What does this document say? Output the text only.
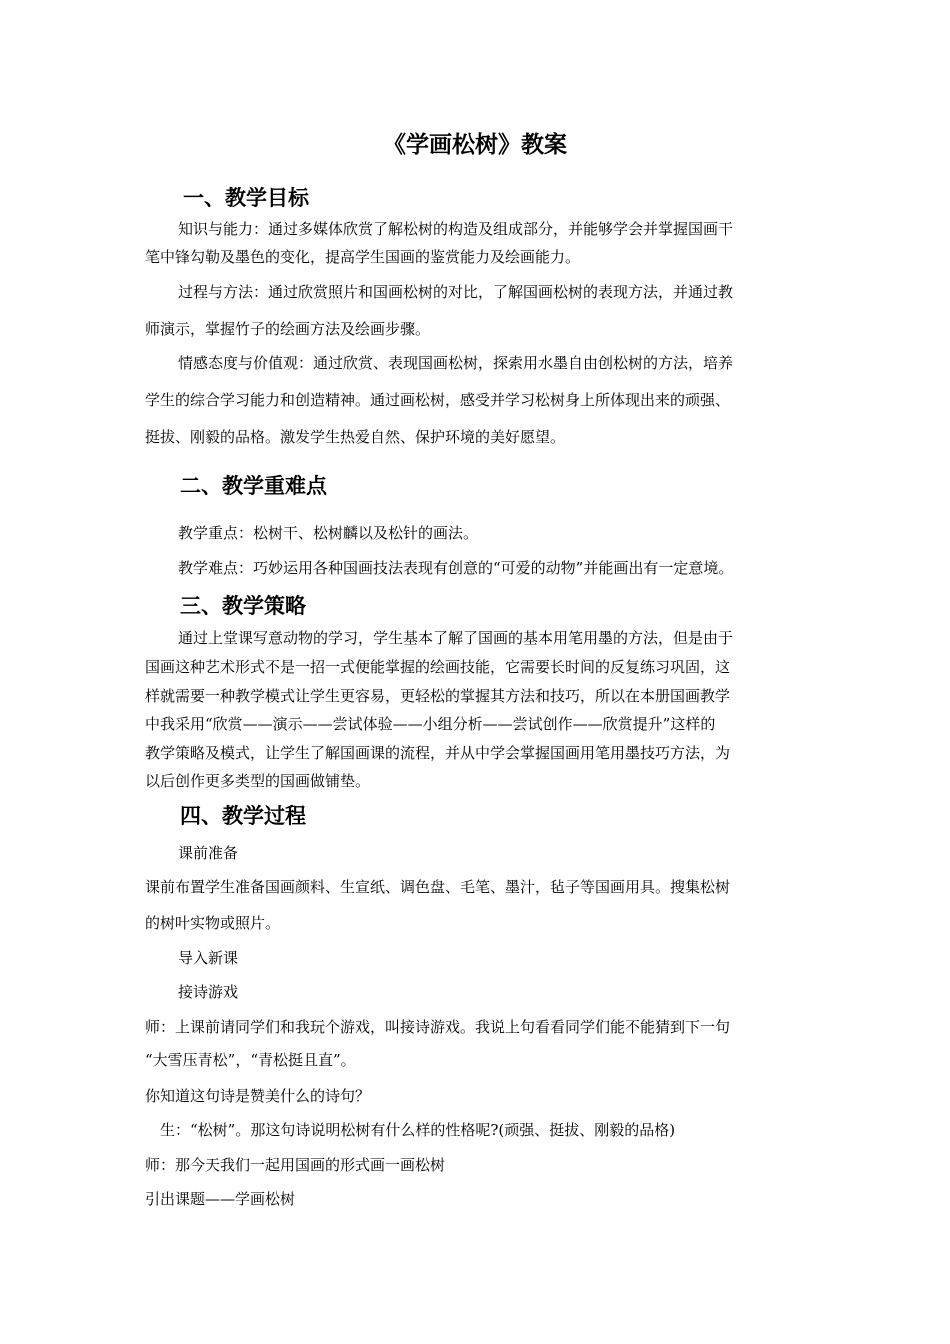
《学画松树》教案
一、教学目标
知识与能力：通过多媒体欣赏了解松树的构造及组成部分，并能够学会并掌握国画干
笔中锋勾勒及墨色的变化，提高学生国画的鉴赏能力及绘画能力。
过程与方法：通过欣赏照片和国画松树的对比，了解国画松树的表现方法，并通过教
师演示，掌握竹子的绘画方法及绘画步骤。
情感态度与价值观：通过欣赏、表现国画松树，探索用水墨自由创松树的方法，培养
学生的综合学习能力和创造精神。通过画松树，感受并学习松树身上所体现出来的顽强、
挺拔、刚毅的品格。激发学生热爱自然、保护环境的美好愿望。
二、教学重难点
教学重点：松树干、松树麟以及松针的画法。
教学难点：巧妙运用各种国画技法表现有创意的“可爱的动物”并能画出有一定意境。
三、教学策略
通过上堂课写意动物的学习，学生基本了解了国画的基本用笔用墨的方法，但是由于
国画这种艺术形式不是一招一式便能掌握的绘画技能，它需要长时间的反复练习巩固，这
样就需要一种教学模式让学生更容易，更轻松的掌握其方法和技巧，所以在本册国画教学
中我采用“欣赏——演示——尝试体验——小组分析——尝试创作——欣赏提升”这样的
教学策略及模式，让学生了解国画课的流程，并从中学会掌握国画用笔用墨技巧方法，为
以后创作更多类型的国画做铺垫。
四、教学过程
课前准备
课前布置学生准备国画颜料、生宣纸、调色盘、毛笔、墨汁，毡子等国画用具。搜集松树
的树叶实物或照片。
导入新课
接诗游戏
师：上课前请同学们和我玩个游戏，叫接诗游戏。我说上句看看同学们能不能猜到下一句
“大雪压青松”，“青松挺且直”。
你知道这句诗是赞美什么的诗句？
生：“松树”。那这句诗说明松树有什么样的性格呢?(顽强、挺拔、刚毅的品格)
师：那今天我们一起用国画的形式画一画松树
引出课题——学画松树
